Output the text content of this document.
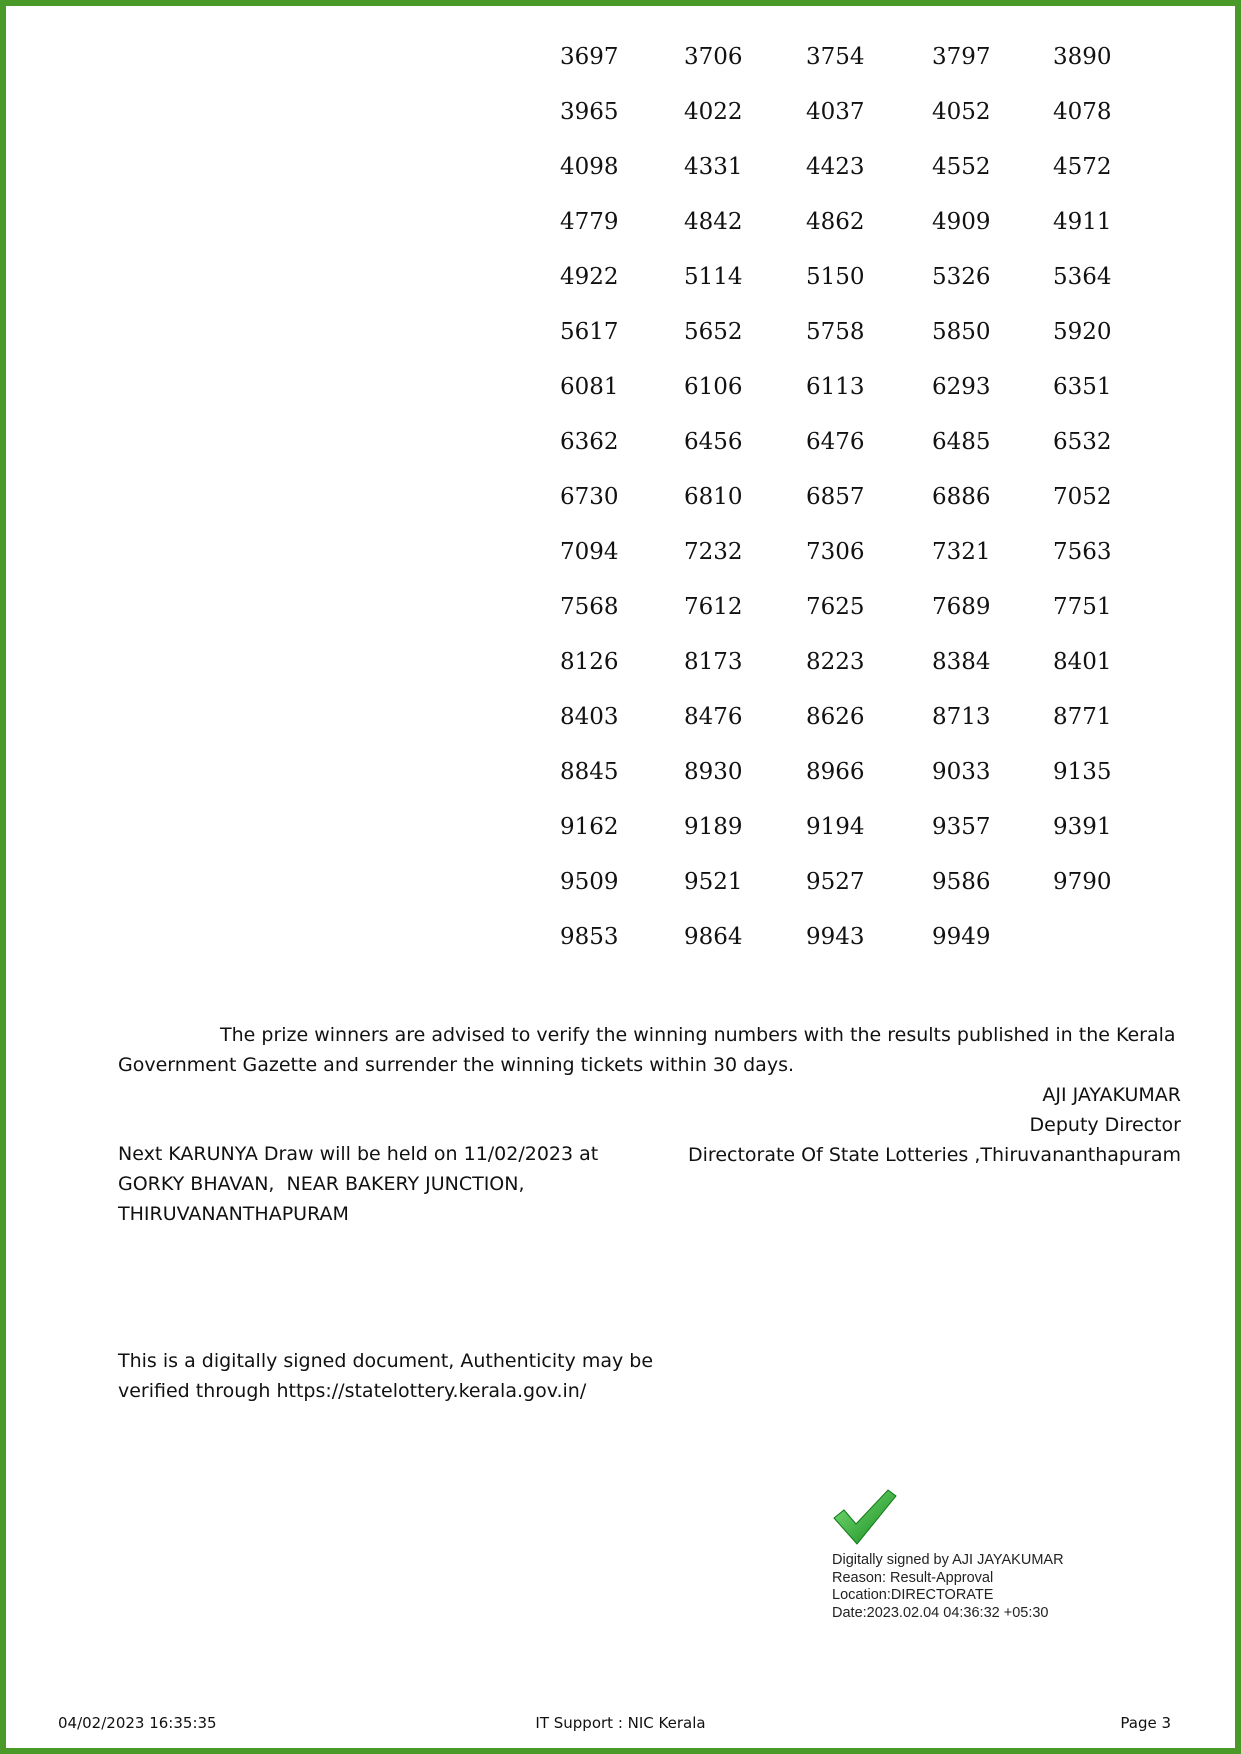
3697	3706	3754	3797	3890
3965	4022	4037	4052	4078
4098	4331	4423	4552	4572
4779	4842	4862	4909	4911
4922	5114	5150	5326	5364
5617	5652	5758	5850	5920
6081	6106	6113	6293	6351
6362	6456	6476	6485	6532
6730	6810	6857	6886	7052
7094	7232	7306	7321	7563
7568	7612	7625	7689	7751
8126	8173	8223	8384	8401
8403	8476	8626	8713	8771
8845	8930	8966	9033	9135
9162	9189	9194	9357	9391
9509	9521	9527	9586	9790
9853	9864	9943	9949
The prize winners are advised to verify the winning numbers with the results published in the Kerala Government Gazette and surrender the winning tickets within 30 days.
AJI JAYAKUMAR
Deputy Director
Directorate Of State Lotteries ,Thiruvananthapuram
Next KARUNYA Draw will be held on 11/02/2023 at
GORKY BHAVAN,  NEAR BAKERY JUNCTION,
THIRUVANANTHAPURAM
This is a digitally signed document, Authenticity may be
verified through https://statelottery.kerala.gov.in/
Digitally signed by AJI JAYAKUMAR
Reason: Result-Approval
Location:DIRECTORATE
Date:2023.02.04 04:36:32 +05:30
04/02/2023 16:35:35	IT Support : NIC Kerala	Page 3
